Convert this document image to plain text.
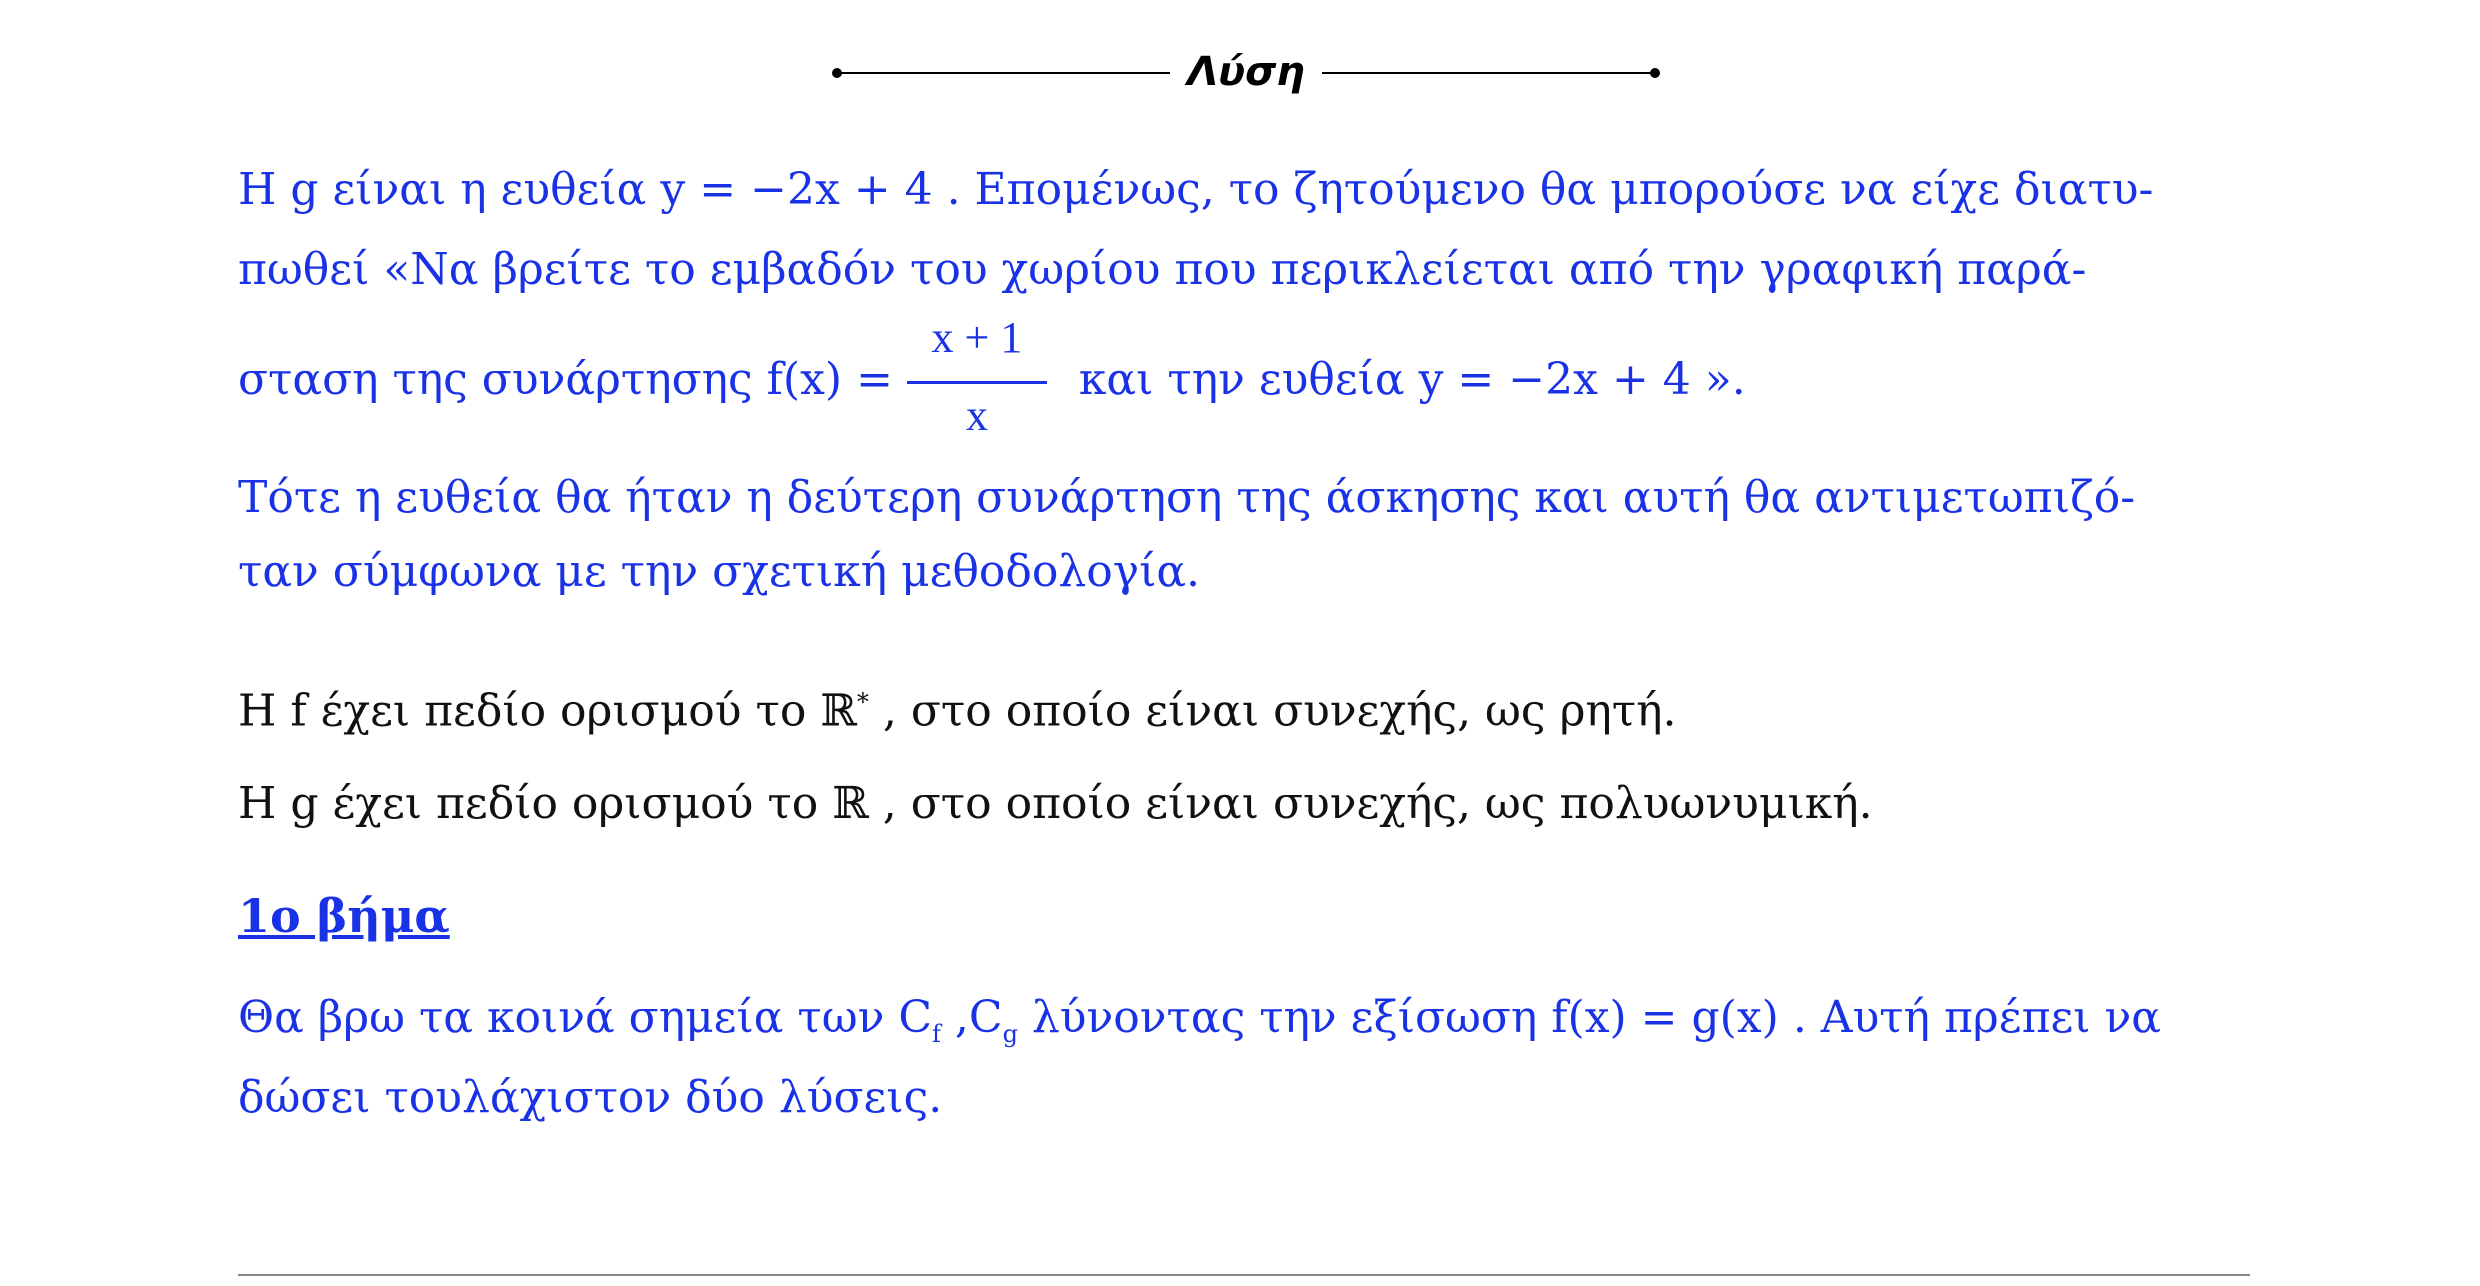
Λύση
Η g είναι η ευθεία y = −2x + 4 . Επομένως, το ζητούμενο θα μπορούσε να είχε διατυ-
πωθεί «Να βρείτε το εμβαδόν του χωρίου που περικλείεται από την γραφική παρά-
σταση της συνάρτησης $f(x) = \frac{x + 1}{x}$ και την ευθεία y = −2x + 4 ».
Τότε η ευθεία θα ήταν η δεύτερη συνάρτηση της άσκησης και αυτή θα αντιμετωπιζό-
ταν σύμφωνα με την σχετική μεθοδολογία.
Η f έχει πεδίο ορισμού το ℝ* , στο οποίο είναι συνεχής, ως ρητή.
Η g έχει πεδίο ορισμού το ℝ , στο οποίο είναι συνεχής, ως πολυωνυμική.
1ο βήμα
Θα βρω τα κοινά σημεία των $C_f$ $,C_g$ λύνοντας την εξίσωση f(x) = g(x) . Αυτή πρέπει να
δώσει τουλάχιστον δύο λύσεις.
